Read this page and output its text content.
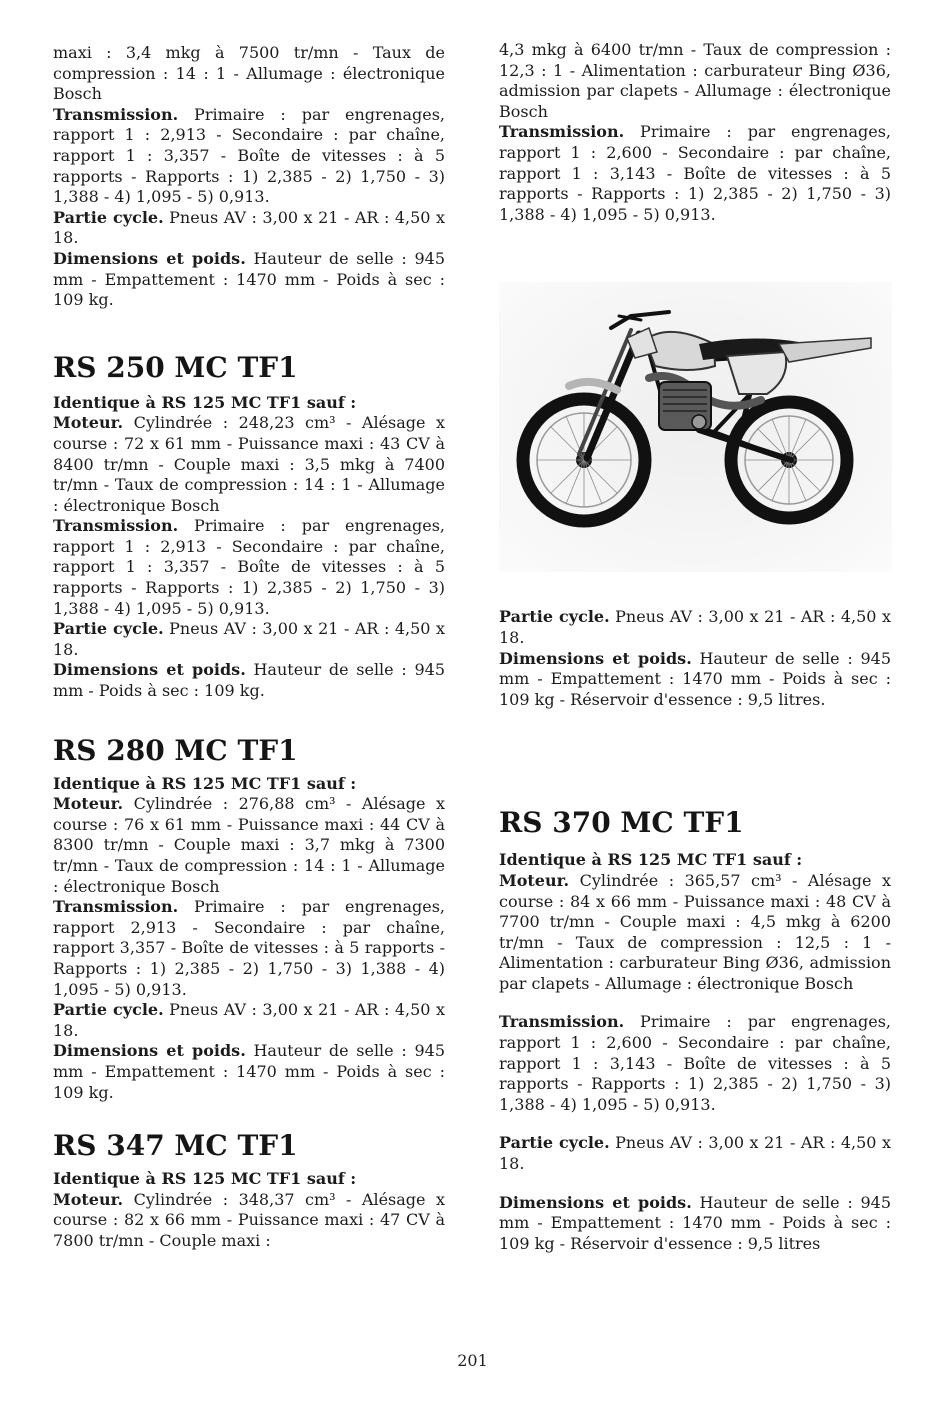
maxi : 3,4 mkg à 7500 tr/mn - Taux de compression : 14 : 1 - Allumage : électronique Bosch

Transmission. Primaire : par engrenages, rapport 1 : 2,913 - Secondaire : par chaîne, rapport 1 : 3,357 - Boîte de vitesses : à 5 rapports - Rapports : 1) 2,385 - 2) 1,750 - 3) 1,388 - 4) 1,095 - 5) 0,913.

Partie cycle. Pneus AV : 3,00 x 21 - AR : 4,50 x 18.

Dimensions et poids. Hauteur de selle : 945 mm - Empattement : 1470 mm - Poids à sec : 109 kg.

RS 250 MC TF1

Identique à RS 125 MC TF1 sauf :

Moteur. Cylindrée : 248,23 cm³ - Alésage x course : 72 x 61 mm - Puissance maxi : 43 CV à 8400 tr/mn - Couple maxi : 3,5 mkg à 7400 tr/mn - Taux de compression : 14 : 1 - Allumage : électronique Bosch

Transmission. Primaire : par engrenages, rapport 1 : 2,913 - Secondaire : par chaîne, rapport 1 : 3,357 - Boîte de vitesses : à 5 rapports - Rapports : 1) 2,385 - 2) 1,750 - 3) 1,388 - 4) 1,095 - 5) 0,913.

Partie cycle. Pneus AV : 3,00 x 21 - AR : 4,50 x 18.

Dimensions et poids. Hauteur de selle : 945 mm - Poids à sec : 109 kg.

RS 280 MC TF1

Identique à RS 125 MC TF1 sauf :

Moteur. Cylindrée : 276,88 cm³ - Alésage x course : 76 x 61 mm - Puissance maxi : 44 CV à 8300 tr/mn - Couple maxi : 3,7 mkg à 7300 tr/mn - Taux de compression : 14 : 1 - Allumage : électronique Bosch

Transmission. Primaire : par engrenages, rapport 2,913 - Secondaire : par chaîne, rapport 3,357 - Boîte de vitesses : à 5 rapports - Rapports : 1) 2,385 - 2) 1,750 - 3) 1,388 - 4) 1,095 - 5) 0,913.

Partie cycle. Pneus AV : 3,00 x 21 - AR : 4,50 x 18.

Dimensions et poids. Hauteur de selle : 945 mm - Empattement : 1470 mm - Poids à sec : 109 kg.

RS 347 MC TF1

Identique à RS 125 MC TF1 sauf :

Moteur. Cylindrée : 348,37 cm³ - Alésage x course : 82 x 66 mm - Puissance maxi : 47 CV à 7800 tr/mn - Couple maxi :

4,3 mkg à 6400 tr/mn - Taux de compression : 12,3 : 1 - Alimentation : carburateur Bing Ø36, admission par clapets - Allumage : électronique Bosch

Transmission. Primaire : par engrenages, rapport 1 : 2,600 - Secondaire : par chaîne, rapport 1 : 3,143 - Boîte de vitesses : à 5 rapports - Rapports : 1) 2,385 - 2) 1,750 - 3) 1,388 - 4) 1,095 - 5) 0,913.

Partie cycle. Pneus AV : 3,00 x 21 - AR : 4,50 x 18.

Dimensions et poids. Hauteur de selle : 945 mm - Empattement : 1470 mm - Poids à sec : 109 kg - Réservoir d'essence : 9,5 litres.

RS 370 MC TF1

Identique à RS 125 MC TF1 sauf :

Moteur. Cylindrée : 365,57 cm³ - Alésage x course : 84 x 66 mm - Puissance maxi : 48 CV à 7700 tr/mn - Couple maxi : 4,5 mkg à 6200 tr/mn - Taux de compression : 12,5 : 1 - Alimentation : carburateur Bing Ø36, admission par clapets - Allumage : électronique Bosch

Transmission. Primaire : par engrenages, rapport 1 : 2,600 - Secondaire : par chaîne, rapport 1 : 3,143 - Boîte de vitesses : à 5 rapports - Rapports : 1) 2,385 - 2) 1,750 - 3) 1,388 - 4) 1,095 - 5) 0,913.

Partie cycle. Pneus AV : 3,00 x 21 - AR : 4,50 x 18.

Dimensions et poids. Hauteur de selle : 945 mm - Empattement : 1470 mm - Poids à sec : 109 kg - Réservoir d'essence : 9,5 litres

201
